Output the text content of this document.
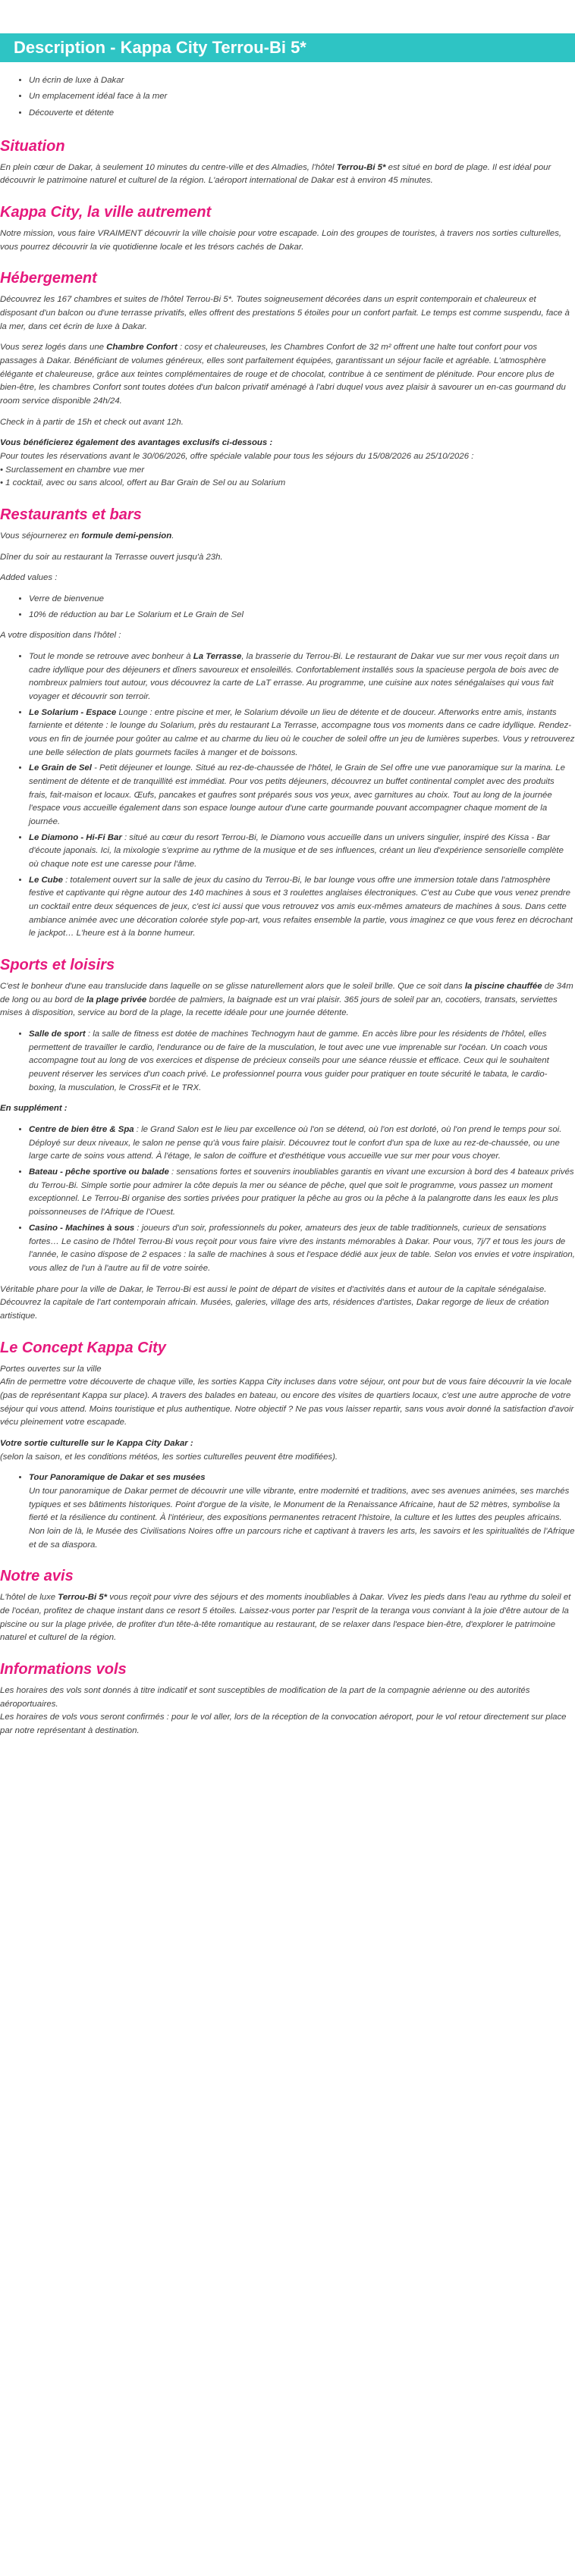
Description - Kappa City Terrou-Bi 5*
• Un écrin de luxe à Dakar
• Un emplacement idéal face à la mer
• Découverte et détente
Situation

En plein cœur de Dakar, à seulement 10 minutes du centre-ville et des Almadies, l'hôtel Terrou-Bi 5* est situé en bord de plage. Il est idéal pour découvrir le patrimoine naturel et culturel de la région. L'aéroport international de Dakar est à environ 45 minutes.

Kappa City, la ville autrement

Notre mission, vous faire VRAIMENT découvrir la ville choisie pour votre escapade. Loin des groupes de touristes, à travers nos sorties culturelles, vous pourrez découvrir la vie quotidienne locale et les trésors cachés de Dakar.

Hébergement

Découvrez les 167 chambres et suites de l'hôtel Terrou-Bi 5*. Toutes soigneusement décorées dans un esprit contemporain et chaleureux et disposant d'un balcon ou d'une terrasse privatifs, elles offrent des prestations 5 étoiles pour un confort parfait. Le temps est comme suspendu, face à la mer, dans cet écrin de luxe à Dakar.

Vous serez logés dans une Chambre Confort : cosy et chaleureuses, les Chambres Confort de 32 m² offrent une halte tout confort pour vos passages à Dakar. Bénéficiant de volumes généreux, elles sont parfaitement équipées, garantissant un séjour facile et agréable. L'atmosphère élégante et chaleureuse, grâce aux teintes complémentaires de rouge et de chocolat, contribue à ce sentiment de plénitude. Pour encore plus de bien-être, les chambres Confort sont toutes dotées d'un balcon privatif aménagé à l'abri duquel vous avez plaisir à savourer un en-cas gourmand du room service disponible 24h/24.

Check in à partir de 15h et check out avant 12h.

Vous bénéficierez également des avantages exclusifs ci-dessous :
Pour toutes les réservations avant le 30/06/2026, offre spéciale valable pour tous les séjours du 15/08/2026 au 25/10/2026 :
• Surclassement en chambre vue mer
• 1 cocktail, avec ou sans alcool, offert au Bar Grain de Sel ou au Solarium

Restaurants et bars

Vous séjournerez en formule demi-pension.

Dîner du soir au restaurant la Terrasse ouvert jusqu'à 23h.

Added values :

• Verre de bienvenue
• 10% de réduction au bar Le Solarium et Le Grain de Sel

A votre disposition dans l'hôtel :

• Tout le monde se retrouve avec bonheur à La Terrasse, la brasserie du Terrou-Bi. Le restaurant de Dakar vue sur mer vous reçoit dans un cadre idyllique pour des déjeuners et dîners savoureux et ensoleillés. Confortablement installés sous la spacieuse pergola de bois avec de nombreux palmiers tout autour, vous découvrez la carte de LaT errasse. Au programme, une cuisine aux notes sénégalaises qui vous fait voyager et découvrir son terroir.
• Le Solarium - Espace Lounge : entre piscine et mer, le Solarium dévoile un lieu de détente et de douceur. Afterworks entre amis, instants farniente et détente : le lounge du Solarium, près du restaurant La Terrasse, accompagne tous vos moments dans ce cadre idyllique. Rendez-vous en fin de journée pour goûter au calme et au charme du lieu où le coucher de soleil offre un jeu de lumières superbes. Vous y retrouverez une belle sélection de plats gourmets faciles à manger et de boissons.
• Le Grain de Sel - Petit déjeuner et lounge. Situé au rez-de-chaussée de l'hôtel, le Grain de Sel offre une vue panoramique sur la marina. Le sentiment de détente et de tranquillité est immédiat. Pour vos petits déjeuners, découvrez un buffet continental complet avec des produits frais, fait-maison et locaux. Œufs, pancakes et gaufres sont préparés sous vos yeux, avec garnitures au choix. Tout au long de la journée l'espace vous accueille également dans son espace lounge autour d'une carte gourmande pouvant accompagner chaque moment de la journée.
• Le Diamono - Hi-Fi Bar : situé au cœur du resort Terrou-Bi, le Diamono vous accueille dans un univers singulier, inspiré des Kissa - Bar d'écoute japonais. Ici, la mixologie s'exprime au rythme de la musique et de ses influences, créant un lieu d'expérience sensorielle complète où chaque note est une caresse pour l'âme.
• Le Cube : totalement ouvert sur la salle de jeux du casino du Terrou-Bi, le bar lounge vous offre une immersion totale dans l'atmosphère festive et captivante qui règne autour des 140 machines à sous et 3 roulettes anglaises électroniques. C'est au Cube que vous venez prendre un cocktail entre deux séquences de jeux, c'est ici aussi que vous retrouvez vos amis eux-mêmes amateurs de machines à sous. Dans cette ambiance animée avec une décoration colorée style pop-art, vous refaites ensemble la partie, vous imaginez ce que vous ferez en décrochant le jackpot… L'heure est à la bonne humeur.
Sports et loisirs

C'est le bonheur d'une eau translucide dans laquelle on se glisse naturellement alors que le soleil brille. Que ce soit dans la piscine chauffée de 34m de long ou au bord de la plage privée bordée de palmiers, la baignade est un vrai plaisir. 365 jours de soleil par an, cocotiers, transats, serviettes mises à disposition, service au bord de la plage, la recette idéale pour une journée détente.

• Salle de sport : la salle de fitness est dotée de machines Technogym haut de gamme. En accès libre pour les résidents de l'hôtel, elles permettent de travailler le cardio, l'endurance ou de faire de la musculation, le tout avec une vue imprenable sur l'océan. Un coach vous accompagne tout au long de vos exercices et dispense de précieux conseils pour une séance réussie et efficace. Ceux qui le souhaitent peuvent réserver les services d'un coach privé. Le professionnel pourra vous guider pour pratiquer en toute sécurité le tabata, le cardio-boxing, la musculation, le CrossFit et le TRX.

En supplément :

• Centre de bien être & Spa : le Grand Salon est le lieu par excellence où l'on se détend, où l'on est dorloté, où l'on prend le temps pour soi. Déployé sur deux niveaux, le salon ne pense qu'à vous faire plaisir. Découvrez tout le confort d'un spa de luxe au rez-de-chaussée, ou une large carte de soins vous attend. À l'étage, le salon de coiffure et d'esthétique vous accueille vue sur mer pour vous choyer.
• Bateau - pêche sportive ou balade : sensations fortes et souvenirs inoubliables garantis en vivant une excursion à bord des 4 bateaux privés du Terrou-Bi. Simple sortie pour admirer la côte depuis la mer ou séance de pêche, quel que soit le programme, vous passez un moment exceptionnel. Le Terrou-Bi organise des sorties privées pour pratiquer la pêche au gros ou la pêche à la palangrotte dans les eaux les plus poissonneuses de l'Afrique de l'Ouest.
• Casino - Machines à sous : joueurs d'un soir, professionnels du poker, amateurs des jeux de table traditionnels, curieux de sensations fortes… Le casino de l'hôtel Terrou-Bi vous reçoit pour vous faire vivre des instants mémorables à Dakar. Pour vous, 7j/7 et tous les jours de l'année, le casino dispose de 2 espaces : la salle de machines à sous et l'espace dédié aux jeux de table. Selon vos envies et votre inspiration, vous allez de l'un à l'autre au fil de votre soirée.

Véritable phare pour la ville de Dakar, le Terrou-Bi est aussi le point de départ de visites et d'activités dans et autour de la capitale sénégalaise. Découvrez la capitale de l'art contemporain africain. Musées, galeries, village des arts, résidences d'artistes, Dakar regorge de lieux de création artistique.

Le Concept Kappa City

Portes ouvertes sur la ville
Afin de permettre votre découverte de chaque ville, les sorties Kappa City incluses dans votre séjour, ont pour but de vous faire découvrir la vie locale (pas de représentant Kappa sur place). A travers des balades en bateau, ou encore des visites de quartiers locaux, c'est une autre approche de votre séjour qui vous attend. Moins touristique et plus authentique. Notre objectif ? Ne pas vous laisser repartir, sans vous avoir donné la satisfaction d'avoir vécu pleinement votre escapade.

Votre sortie culturelle sur le Kappa City Dakar :
(selon la saison, et les conditions météos, les sorties culturelles peuvent être modifiées).

• Tour Panoramique de Dakar et ses musées
Un tour panoramique de Dakar permet de découvrir une ville vibrante, entre modernité et traditions, avec ses avenues animées, ses marchés typiques et ses bâtiments historiques. Point d'orgue de la visite, le Monument de la Renaissance Africaine, haut de 52 mètres, symbolise la fierté et la résilience du continent. À l'intérieur, des expositions permanentes retracent l'histoire, la culture et les luttes des peuples africains. Non loin de là, le Musée des Civilisations Noires offre un parcours riche et captivant à travers les arts, les savoirs et les spiritualités de l'Afrique et de sa diaspora.
Notre avis

L'hôtel de luxe Terrou-Bi 5* vous reçoit pour vivre des séjours et des moments inoubliables à Dakar. Vivez les pieds dans l'eau au rythme du soleil et de l'océan, profitez de chaque instant dans ce resort 5 étoiles. Laissez-vous porter par l'esprit de la teranga vous conviant à la joie d'être autour de la piscine ou sur la plage privée, de profiter d'un tête-à-tête romantique au restaurant, de se relaxer dans l'espace bien-être, d'explorer le patrimoine naturel et culturel de la région.

Informations vols

Les horaires des vols sont donnés à titre indicatif et sont susceptibles de modification de la part de la compagnie aérienne ou des autorités aéroportuaires.
Les horaires de vols vous seront confirmés : pour le vol aller, lors de la réception de la convocation aéroport, pour le vol retour directement sur place par notre représentant à destination.
